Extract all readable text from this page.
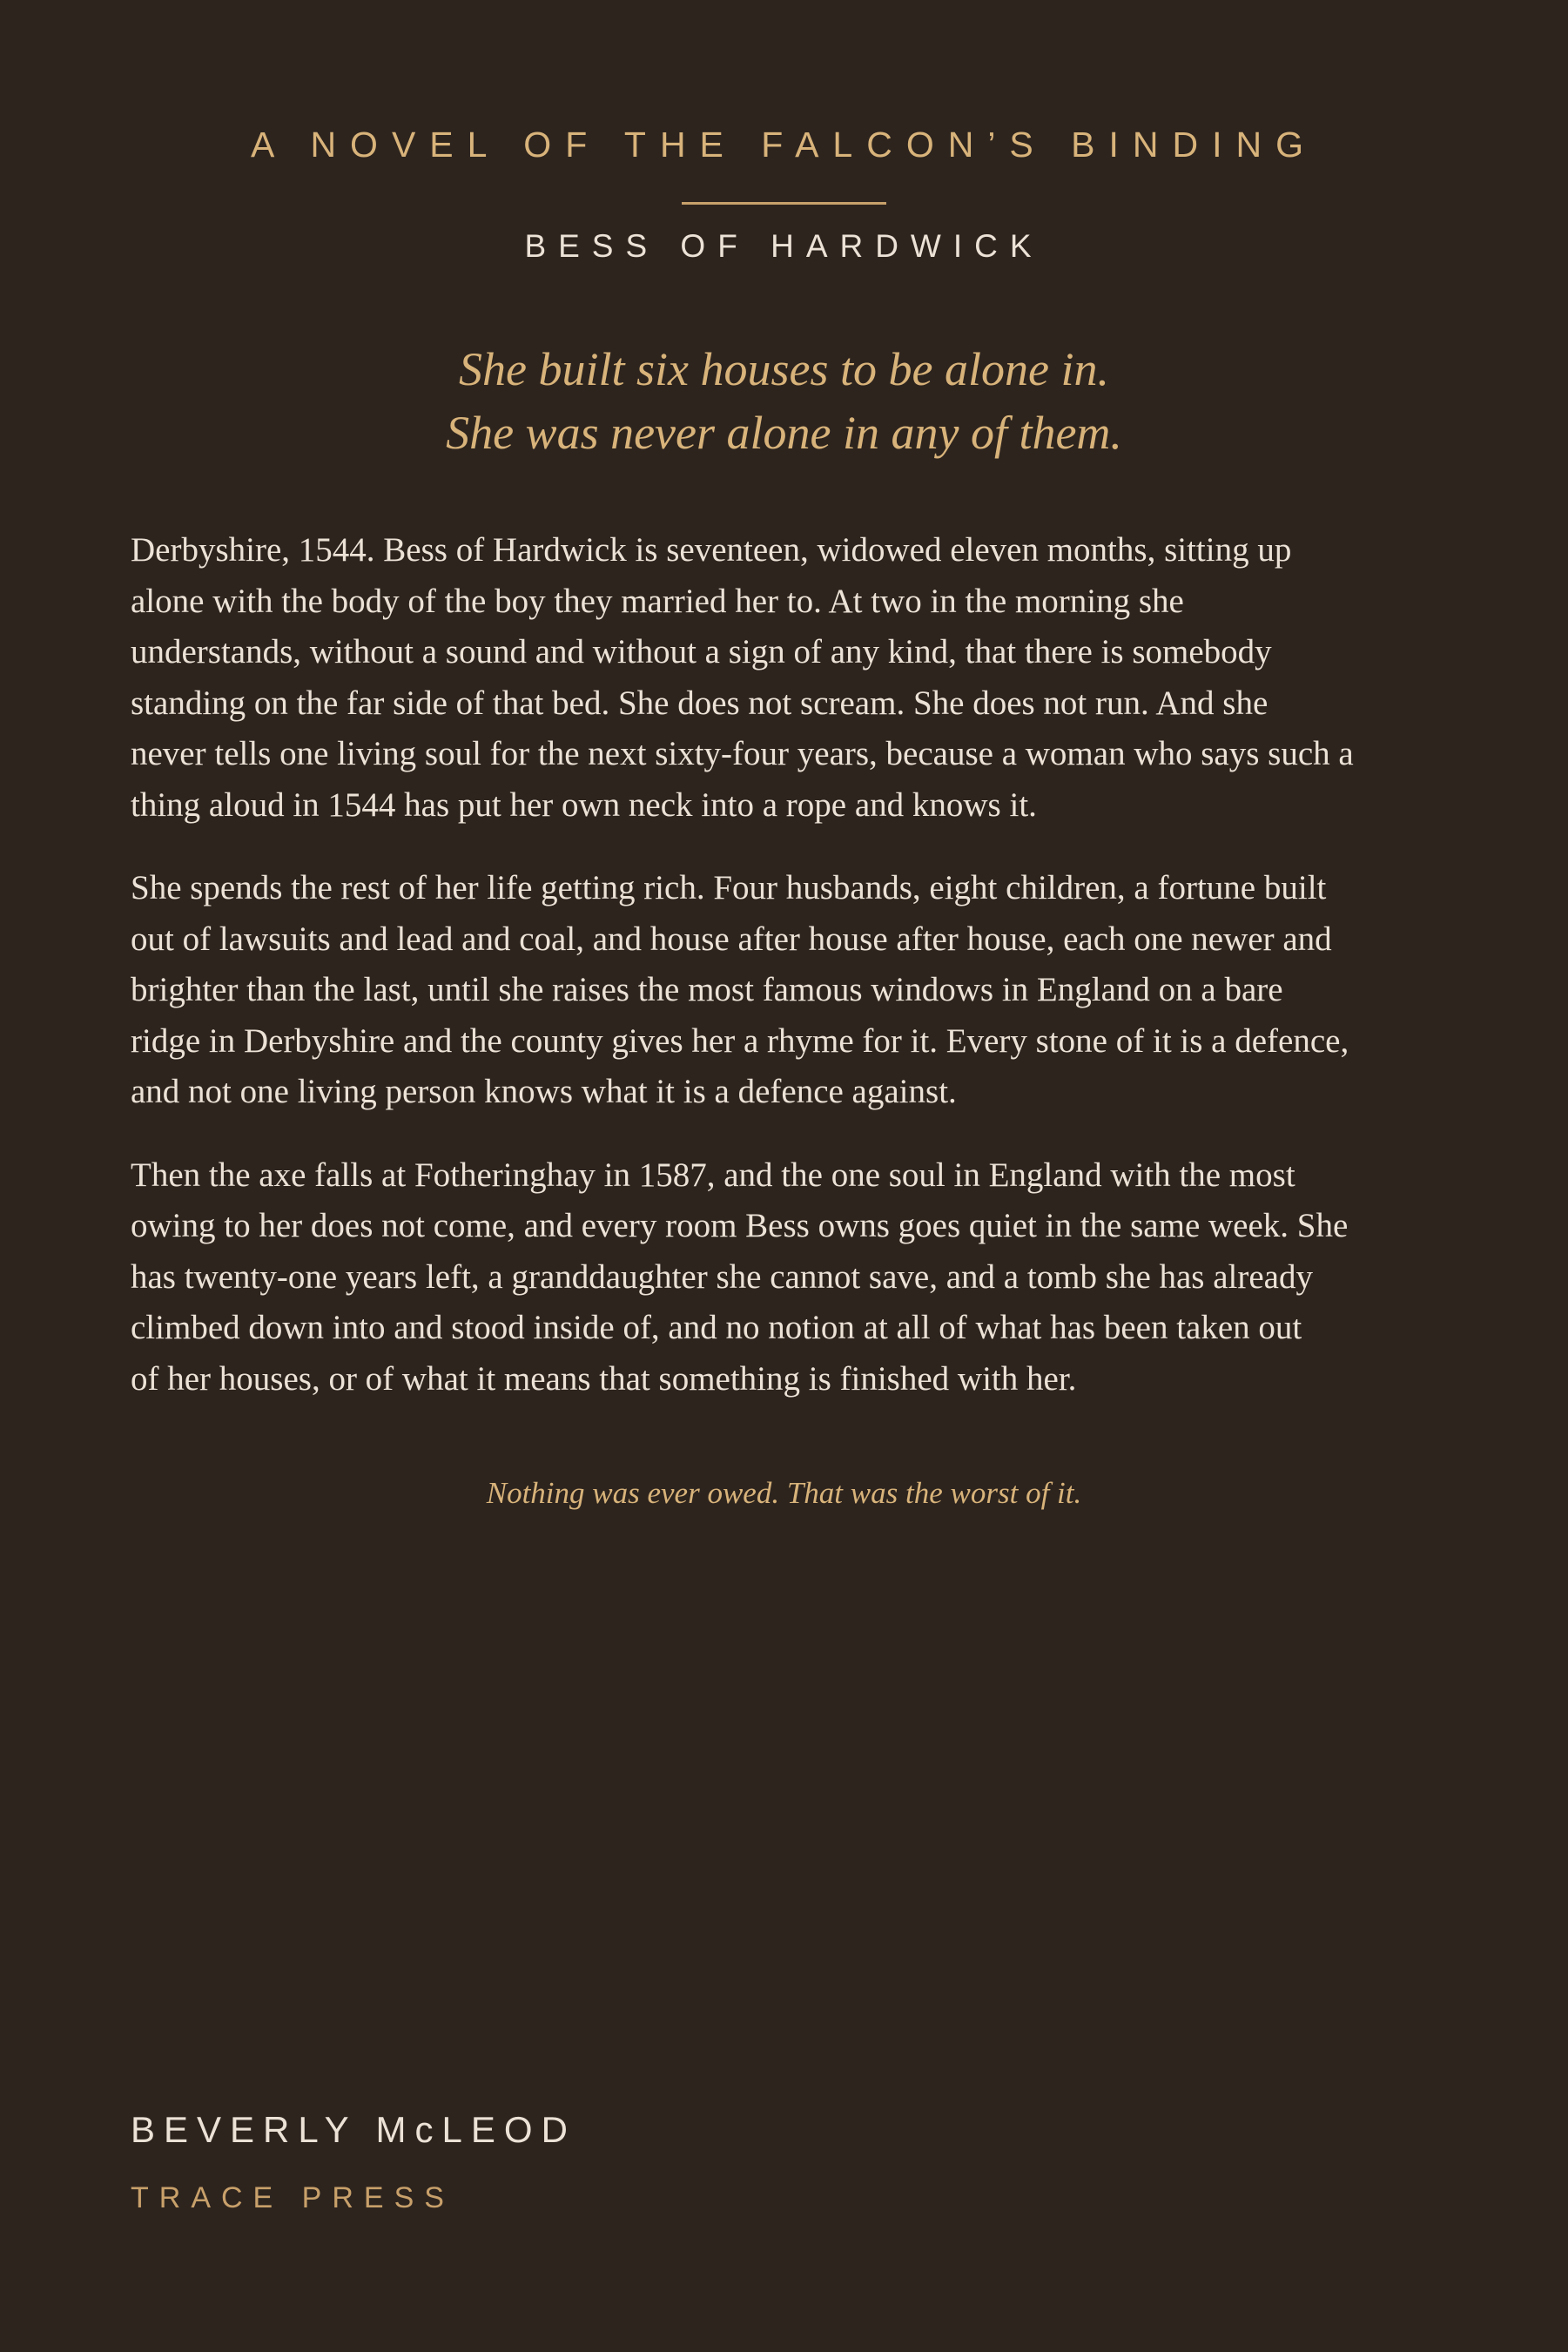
A NOVEL OF THE FALCON’S BINDING
BESS OF HARDWICK
She built six houses to be alone in.
She was never alone in any of them.

Derbyshire, 1544. Bess of Hardwick is seventeen, widowed eleven months, sitting up
alone with the body of the boy they married her to. At two in the morning she
understands, without a sound and without a sign of any kind, that there is somebody
standing on the far side of that bed. She does not scream. She does not run. And she
never tells one living soul for the next sixty-four years, because a woman who says such a
thing aloud in 1544 has put her own neck into a rope and knows it.

She spends the rest of her life getting rich. Four husbands, eight children, a fortune built
out of lawsuits and lead and coal, and house after house after house, each one newer and
brighter than the last, until she raises the most famous windows in England on a bare
ridge in Derbyshire and the county gives her a rhyme for it. Every stone of it is a defence,
and not one living person knows what it is a defence against.

Then the axe falls at Fotheringhay in 1587, and the one soul in England with the most
owing to her does not come, and every room Bess owns goes quiet in the same week. She
has twenty-one years left, a granddaughter she cannot save, and a tomb she has already
climbed down into and stood inside of, and no notion at all of what has been taken out
of her houses, or of what it means that something is finished with her.

Nothing was ever owed. That was the worst of it.
BEVERLY McLEOD
TRACE PRESS
